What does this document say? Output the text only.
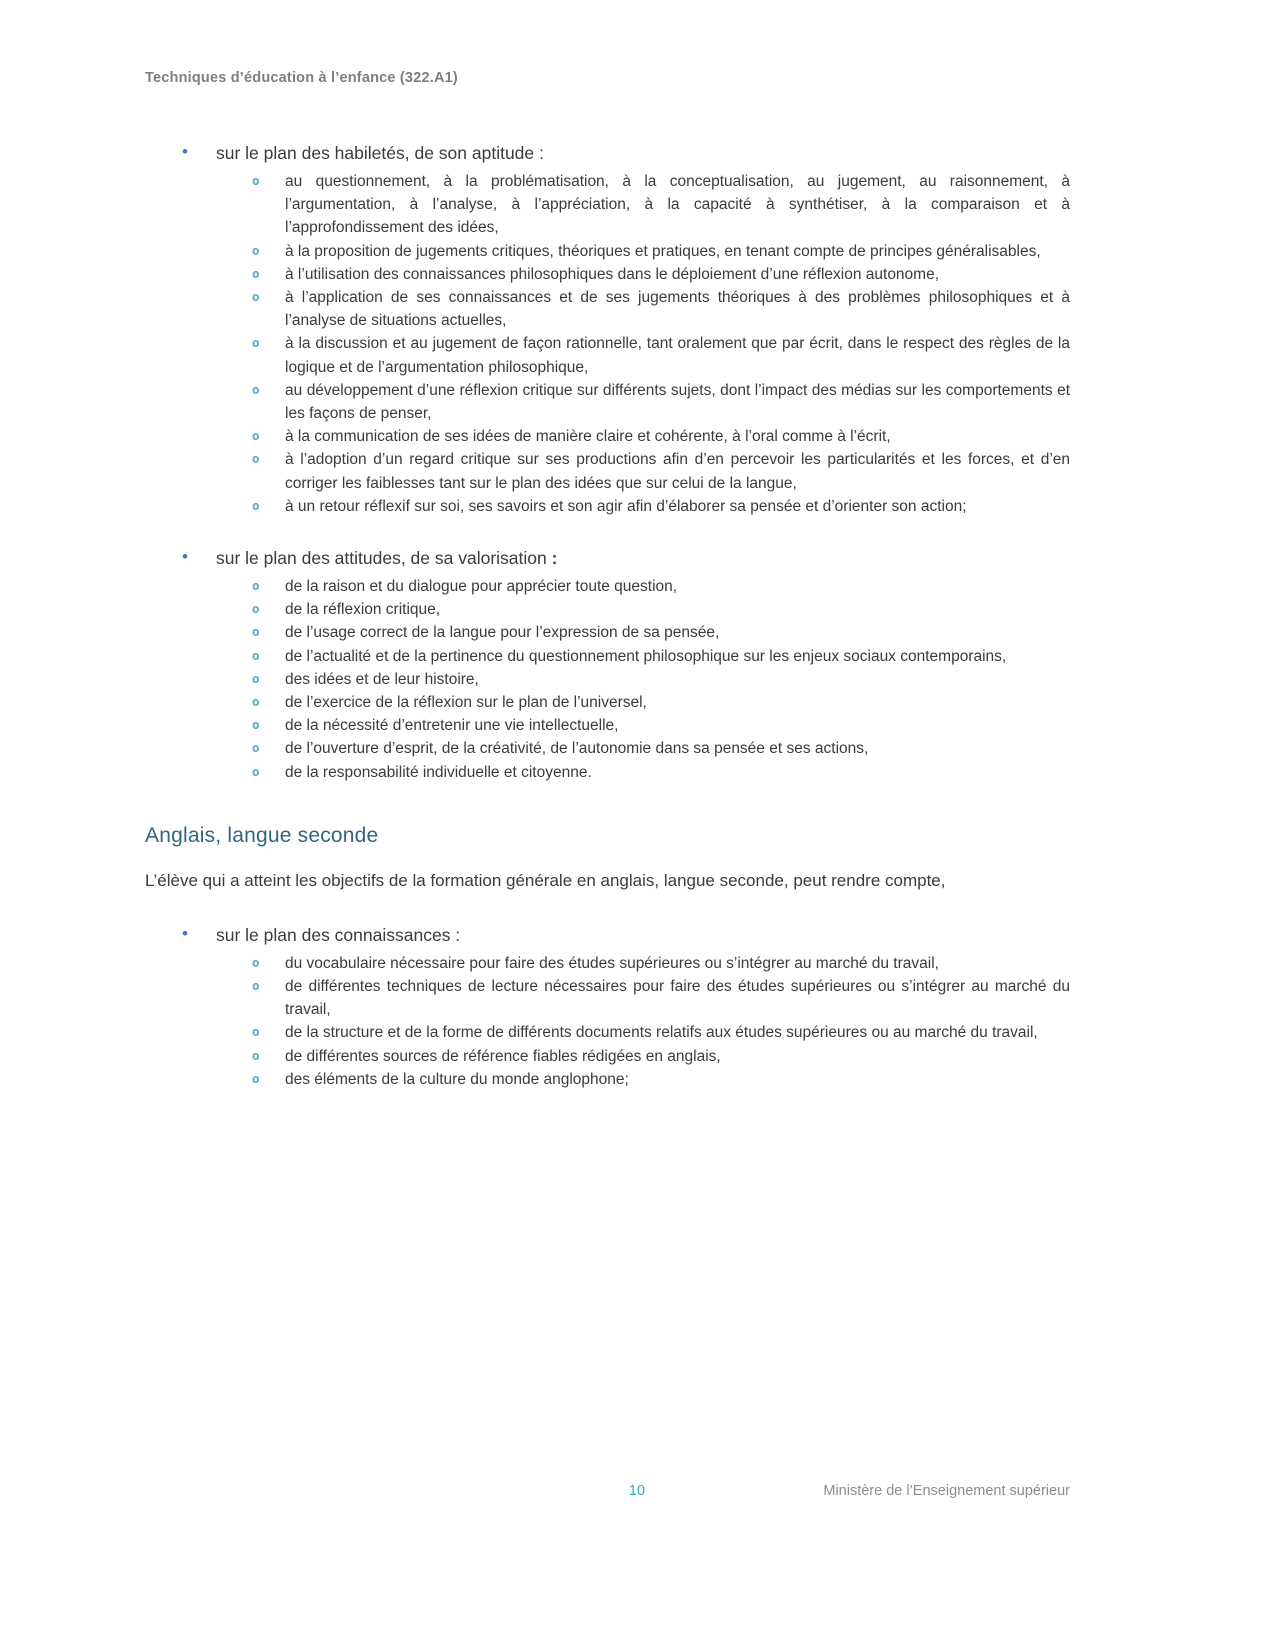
Techniques d’éducation à l’enfance (322.A1)
• sur le plan des habiletés, de son aptitude :
o au questionnement, à la problématisation, à la conceptualisation, au jugement, au raisonnement, à l’argumentation, à l’analyse, à l’appréciation, à la capacité à synthétiser, à la comparaison et à l’approfondissement des idées,
o à la proposition de jugements critiques, théoriques et pratiques, en tenant compte de principes généralisables,
o à l’utilisation des connaissances philosophiques dans le déploiement d’une réflexion autonome,
o à l’application de ses connaissances et de ses jugements théoriques à des problèmes philosophiques et à l’analyse de situations actuelles,
o à la discussion et au jugement de façon rationnelle, tant oralement que par écrit, dans le respect des règles de la logique et de l’argumentation philosophique,
o au développement d’une réflexion critique sur différents sujets, dont l’impact des médias sur les comportements et les façons de penser,
o à la communication de ses idées de manière claire et cohérente, à l’oral comme à l’écrit,
o à l’adoption d’un regard critique sur ses productions afin d’en percevoir les particularités et les forces, et d’en corriger les faiblesses tant sur le plan des idées que sur celui de la langue,
o à un retour réflexif sur soi, ses savoirs et son agir afin d’élaborer sa pensée et d’orienter son action;
• sur le plan des attitudes, de sa valorisation :
o de la raison et du dialogue pour apprécier toute question,
o de la réflexion critique,
o de l’usage correct de la langue pour l’expression de sa pensée,
o de l’actualité et de la pertinence du questionnement philosophique sur les enjeux sociaux contemporains,
o des idées et de leur histoire,
o de l’exercice de la réflexion sur le plan de l’universel,
o de la nécessité d’entretenir une vie intellectuelle,
o de l’ouverture d’esprit, de la créativité, de l’autonomie dans sa pensée et ses actions,
o de la responsabilité individuelle et citoyenne.
Anglais, langue seconde

L’élève qui a atteint les objectifs de la formation générale en anglais, langue seconde, peut rendre compte,

• sur le plan des connaissances :
o du vocabulaire nécessaire pour faire des études supérieures ou s’intégrer au marché du travail,
o de différentes techniques de lecture nécessaires pour faire des études supérieures ou s’intégrer au marché du travail,
o de la structure et de la forme de différents documents relatifs aux études supérieures ou au marché du travail,
o de différentes sources de référence fiables rédigées en anglais,
o des éléments de la culture du monde anglophone;
10	Ministère de l’Enseignement supérieur
